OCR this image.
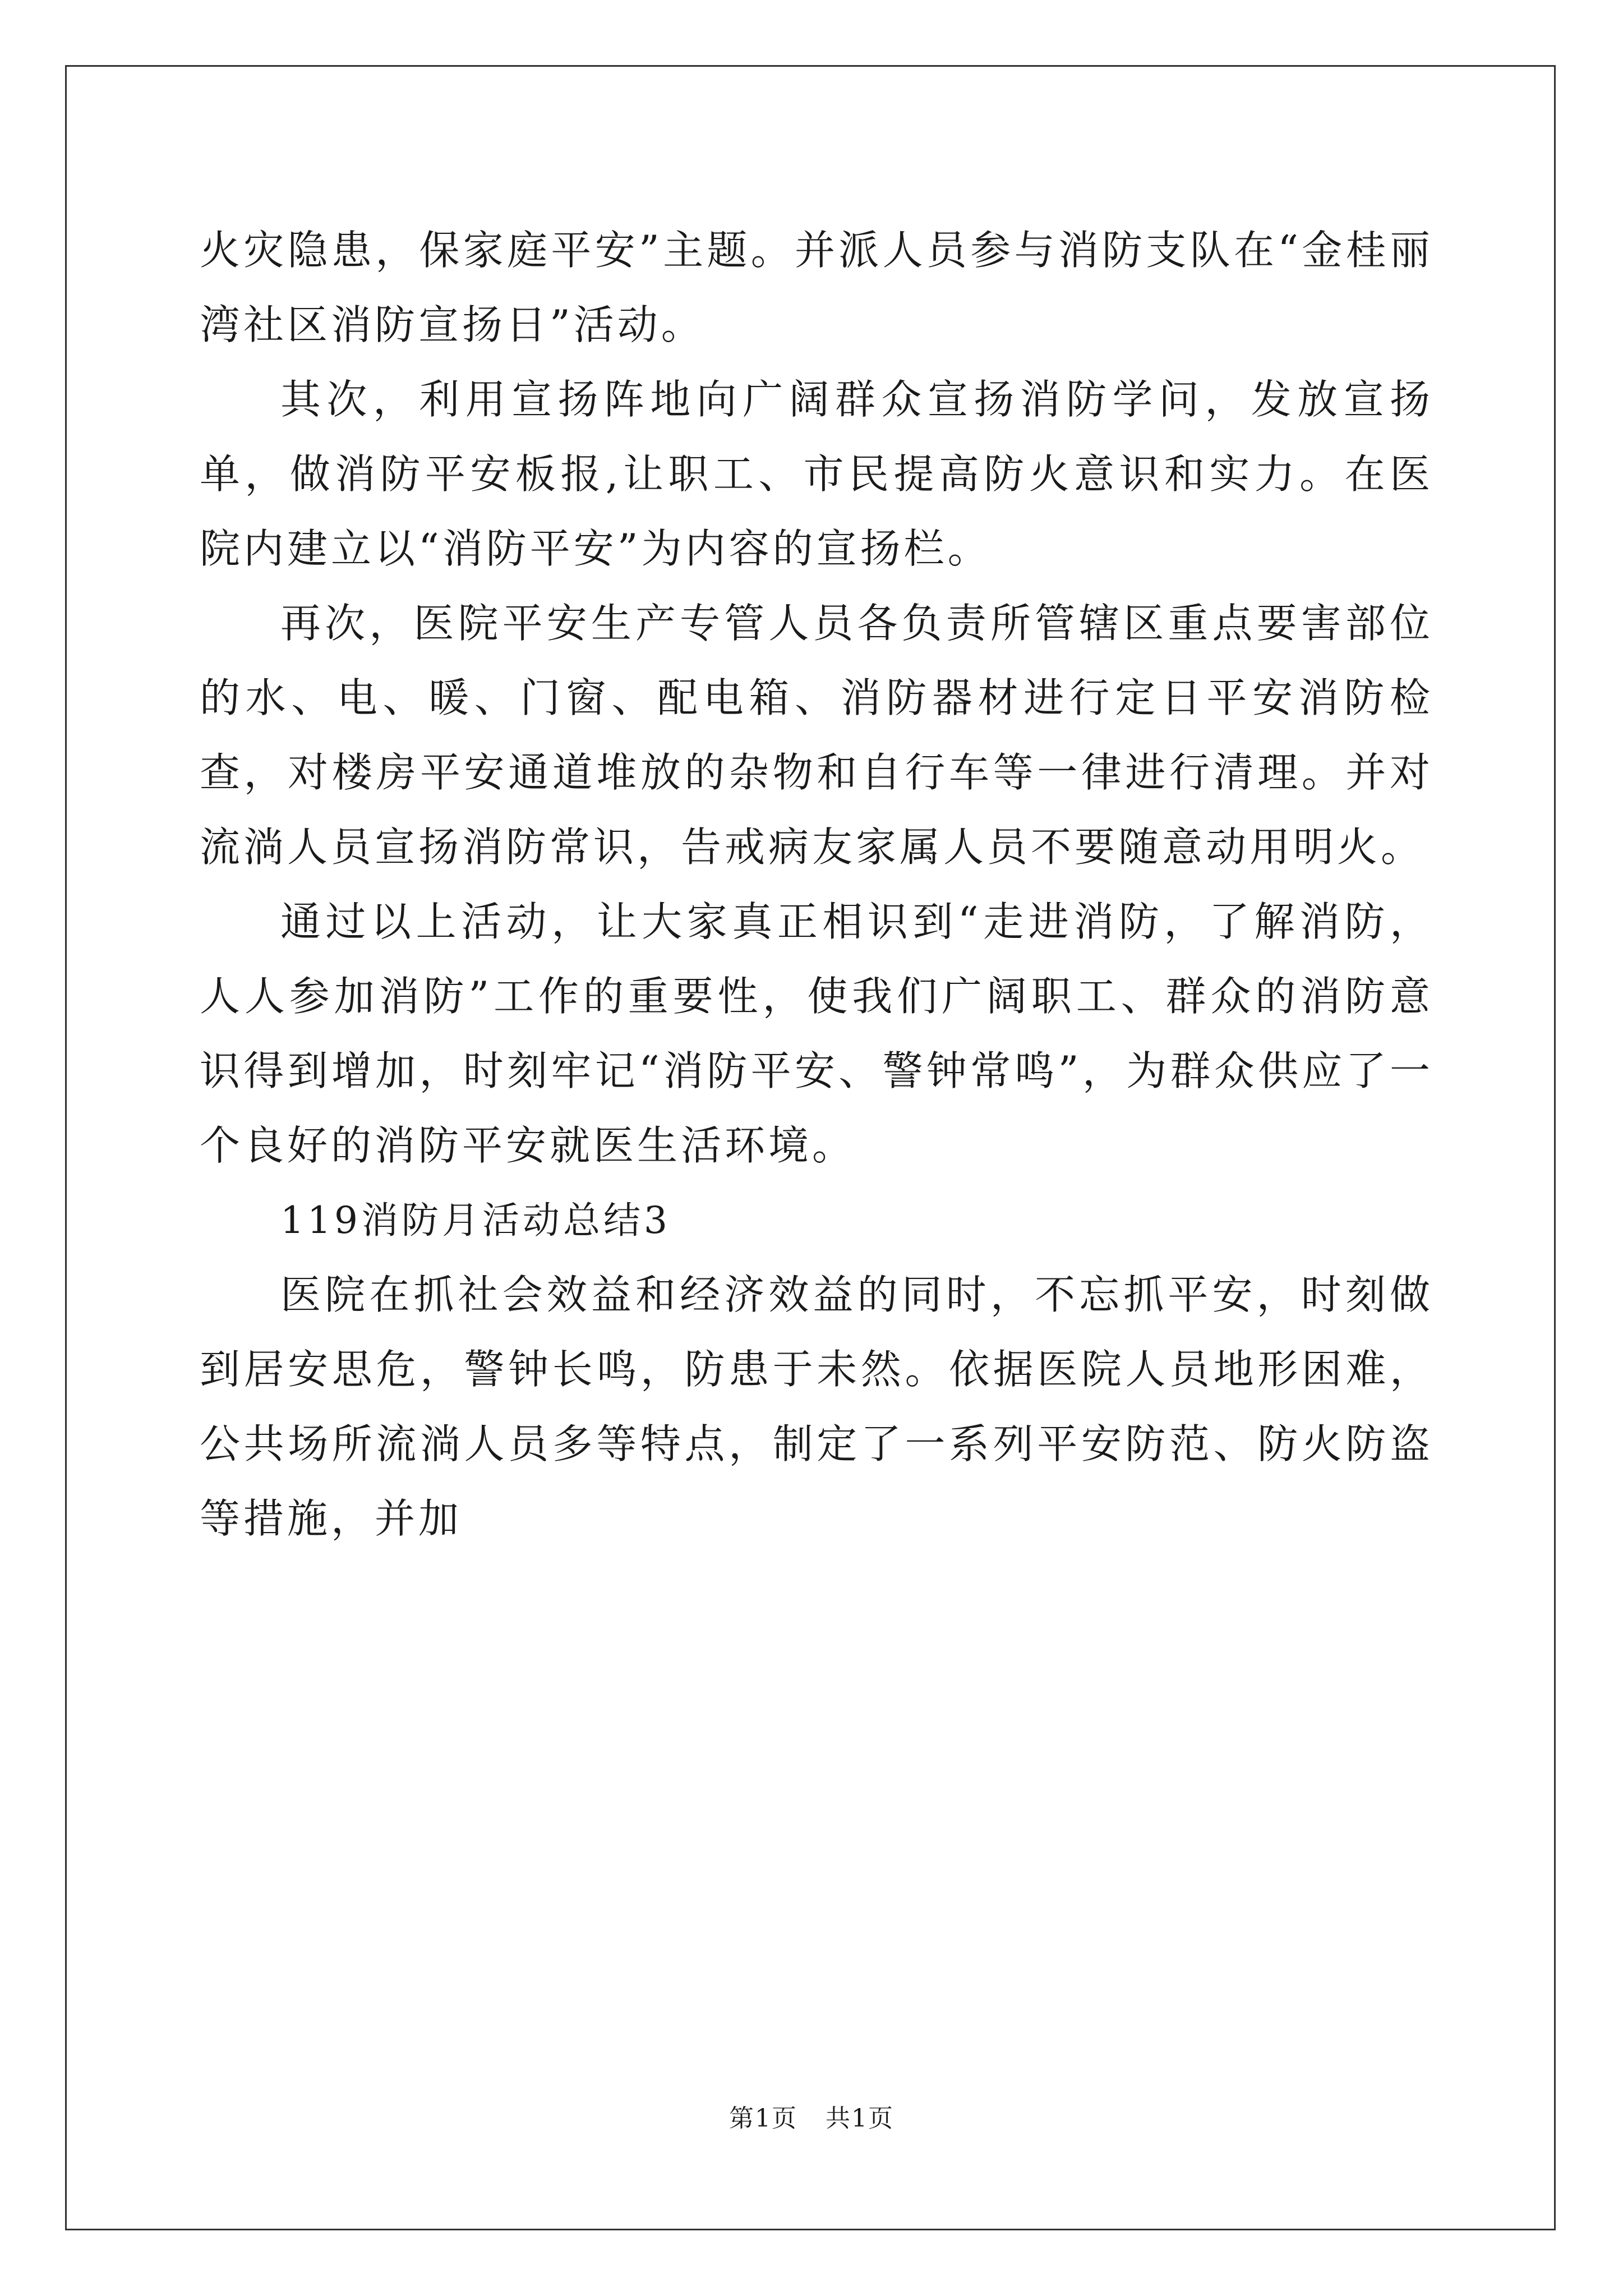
火灾隐患，保家庭平安”主题。并派人员参与消防支队在“金桂丽湾社区消防宣扬日”活动。

其次，利用宣扬阵地向广阔群众宣扬消防学问，发放宣扬单，做消防平安板报,让职工、市民提高防火意识和实力。在医院内建立以“消防平安”为内容的宣扬栏。

再次，医院平安生产专管人员各负责所管辖区重点要害部位的水、电、暖、门窗、配电箱、消防器材进行定日平安消防检查，对楼房平安通道堆放的杂物和自行车等一律进行清理。并对流淌人员宣扬消防常识，告戒病友家属人员不要随意动用明火。

通过以上活动，让大家真正相识到“走进消防，了解消防，人人参加消防”工作的重要性，使我们广阔职工、群众的消防意识得到增加，时刻牢记“消防平安、警钟常鸣”，为群众供应了一个良好的消防平安就医生活环境。

119消防月活动总结3

医院在抓社会效益和经济效益的同时，不忘抓平安，时刻做到居安思危，警钟长鸣，防患于未然。依据医院人员地形困难，公共场所流淌人员多等特点，制定了一系列平安防范、防火防盗等措施，并加

第1页 共1页
